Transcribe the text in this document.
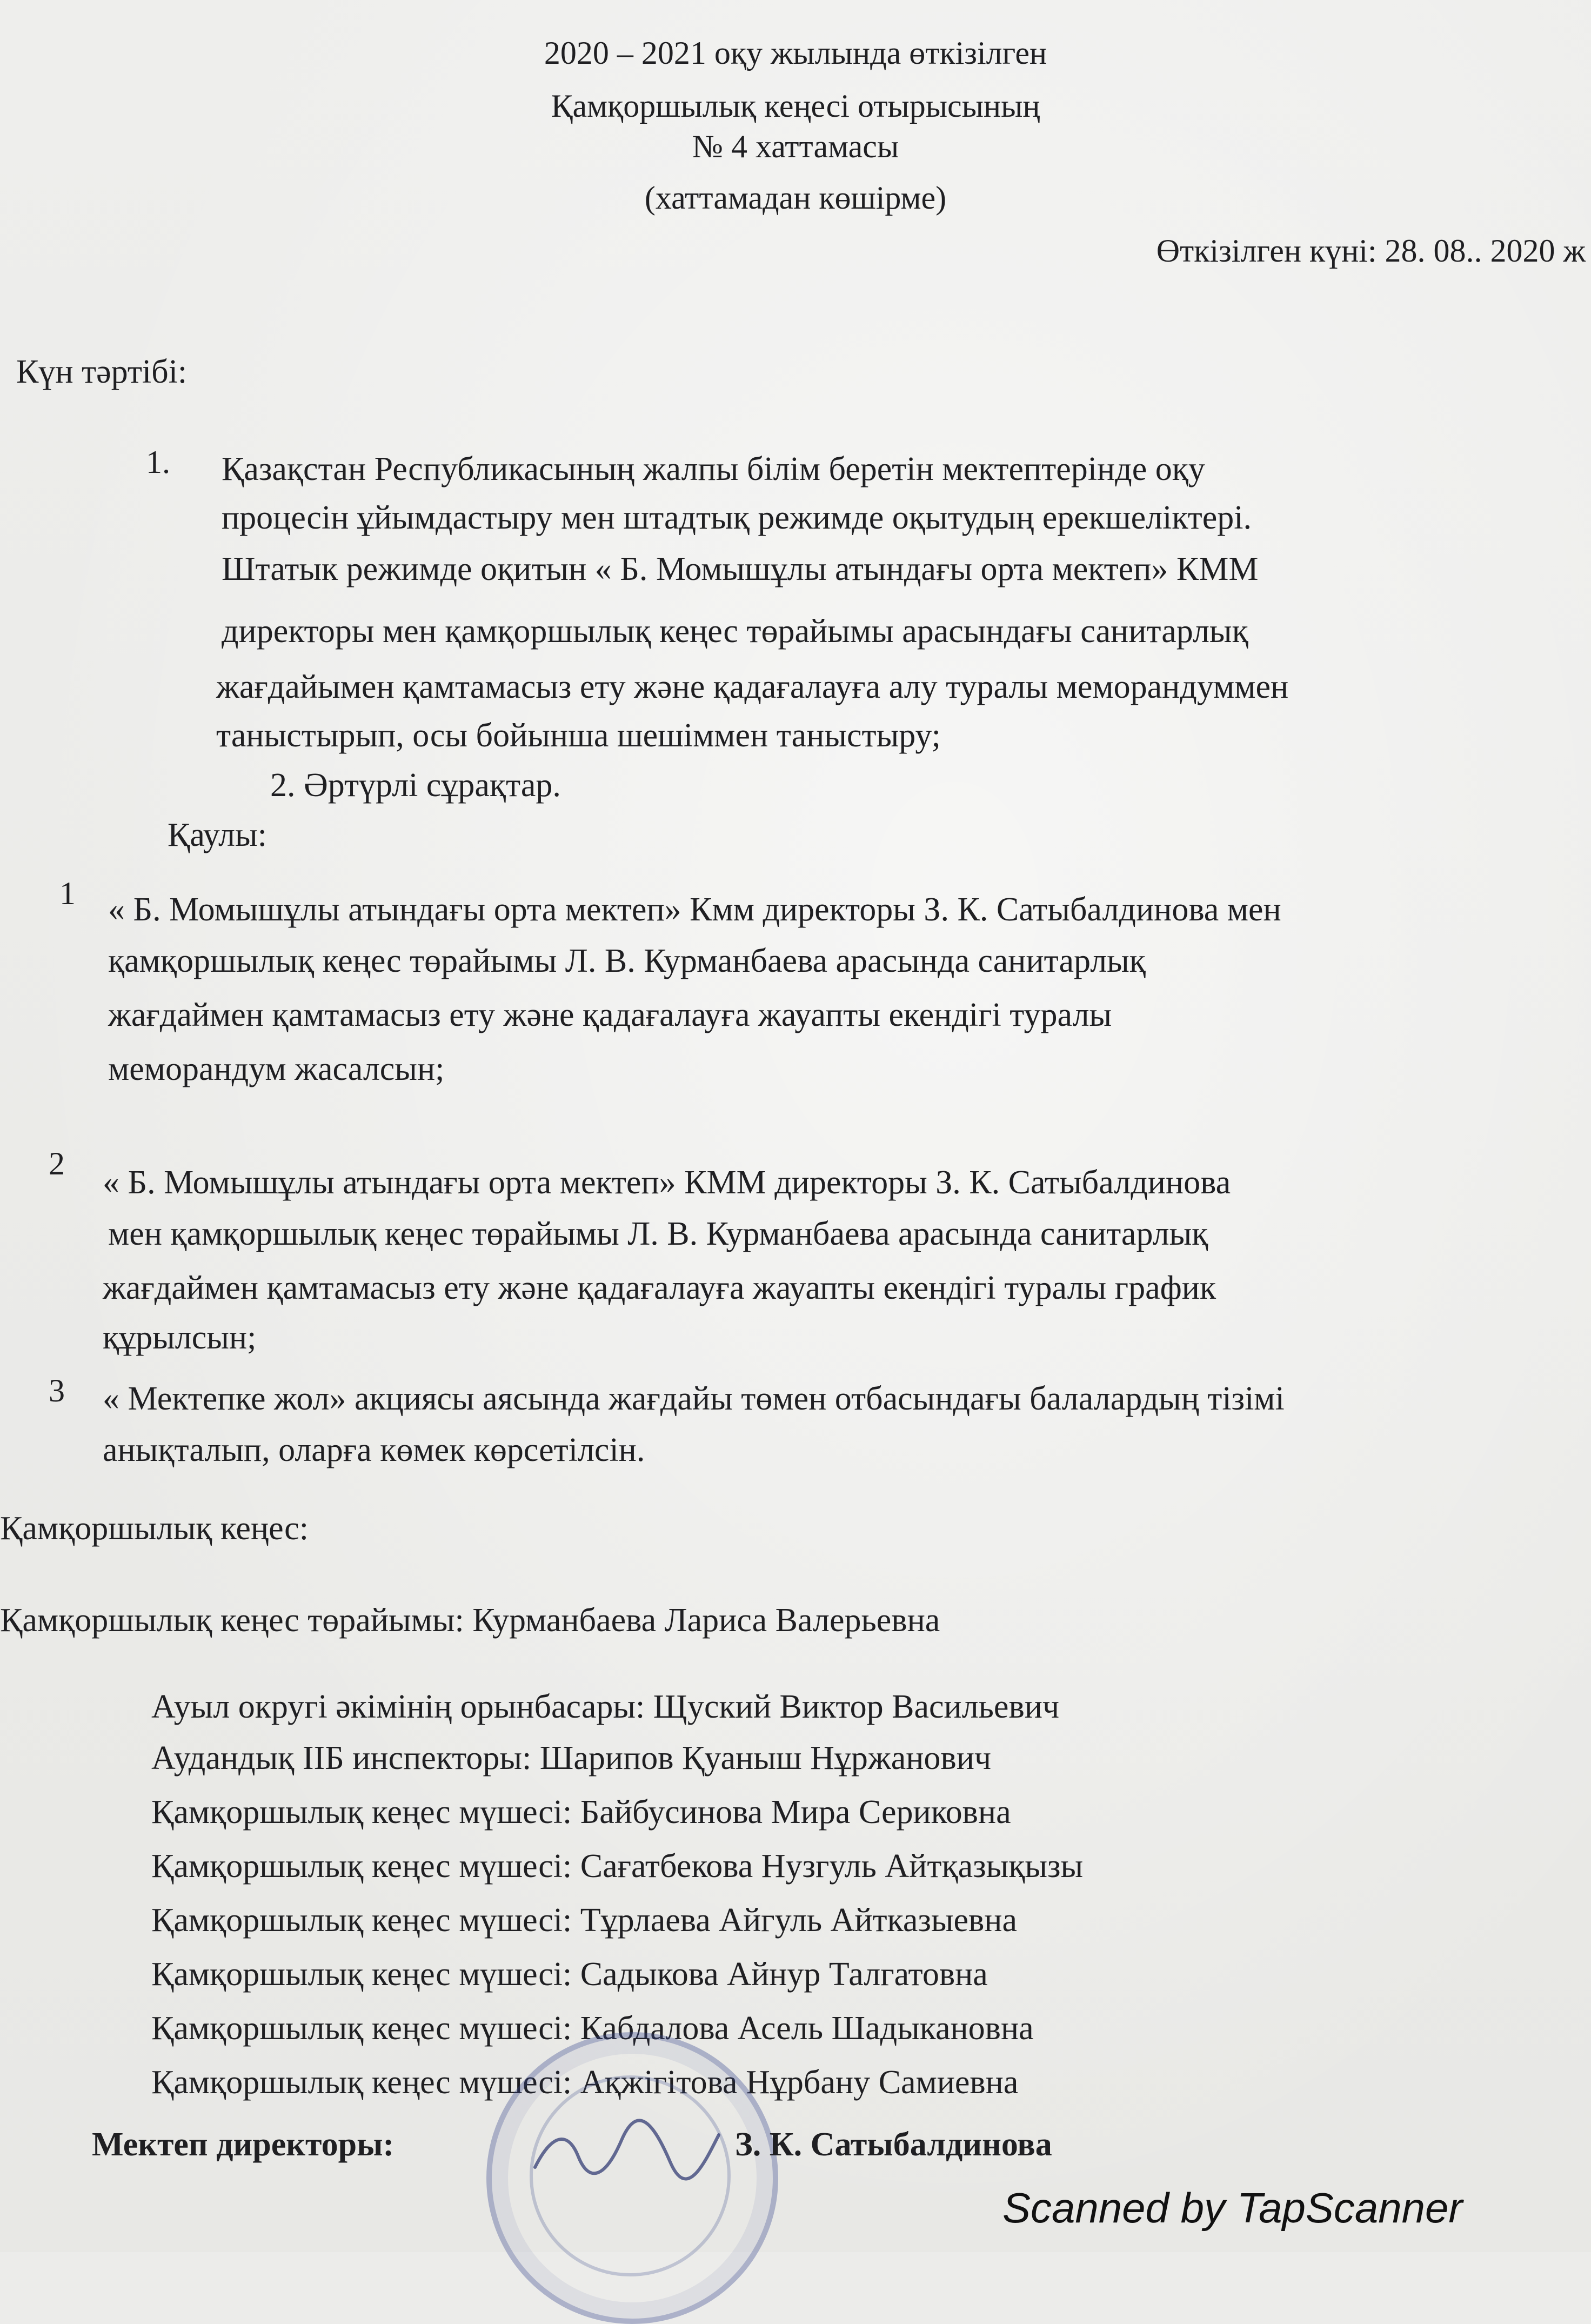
2020 – 2021 оқу жылында өткізілген
Қамқоршылық кеңесі отырысының
№ 4 хаттамасы
(хаттамадан көшірме)
Өткізілген күні: 28. 08.. 2020 ж
Күн тәртібі:
1. Қазақстан Республикасының жалпы білім беретін мектептерінде оқу
процесін ұйымдастыру мен штадтық режимде оқытудың ерекшеліктері.
Штатык режимде оқитын « Б. Момышұлы атындағы орта мектеп» КММ
директоры мен қамқоршылық кеңес төрайымы арасындағы санитарлық
жағдайымен қамтамасыз ету және қадағалауға алу туралы меморандуммен
таныстырып, осы бойынша шешіммен таныстыру;
2. Әртүрлі сұрақтар.
Қаулы:
1 « Б. Момышұлы атындағы орта мектеп» Кмм директоры З. К. Сатыбалдинова мен
қамқоршылық кеңес төрайымы Л. В. Курманбаева арасында санитарлық
жағдаймен қамтамасыз ету және қадағалауға жауапты екендігі туралы
меморандум жасалсын;
2
« Б. Момышұлы атындағы орта мектеп» КММ директоры З. К. Сатыбалдинова
мен қамқоршылық кеңес төрайымы Л. В. Курманбаева арасында санитарлық
жағдаймен қамтамасыз ету және қадағалауға жауапты екендігі туралы график
құрылсын;
3 « Мектепке жол» акциясы аясында жағдайы төмен отбасындағы балалардың тізімі
анықталып, оларға көмек көрсетілсін.
Қамқоршылық кеңес:
Қамқоршылық кеңес төрайымы: Курманбаева Лариса Валерьевна
Ауыл округі әкімінің орынбасары: Щуский Виктор Васильевич
Аудандық ІІБ инспекторы: Шарипов Қуаныш Нұржанович
Қамқоршылық кеңес мүшесі: Байбусинова Мира Сериковна
Қамқоршылық кеңес мүшесі: Сағатбекова Нузгуль Айтқазықызы
Қамқоршылық кеңес мүшесі: Тұрлаева Айгуль Айтказыевна
Қамқоршылық кеңес мүшесі: Садыкова Айнур Талгатовна
Қамқоршылық кеңес мүшесі: Кабдалова Асель Шадыкановна
Қамқоршылық кеңес мүшесі: Ақжігітова Нұрбану Самиевна
Мектеп директоры:	З. К. Сатыбалдинова
Scanned by TapScanner
